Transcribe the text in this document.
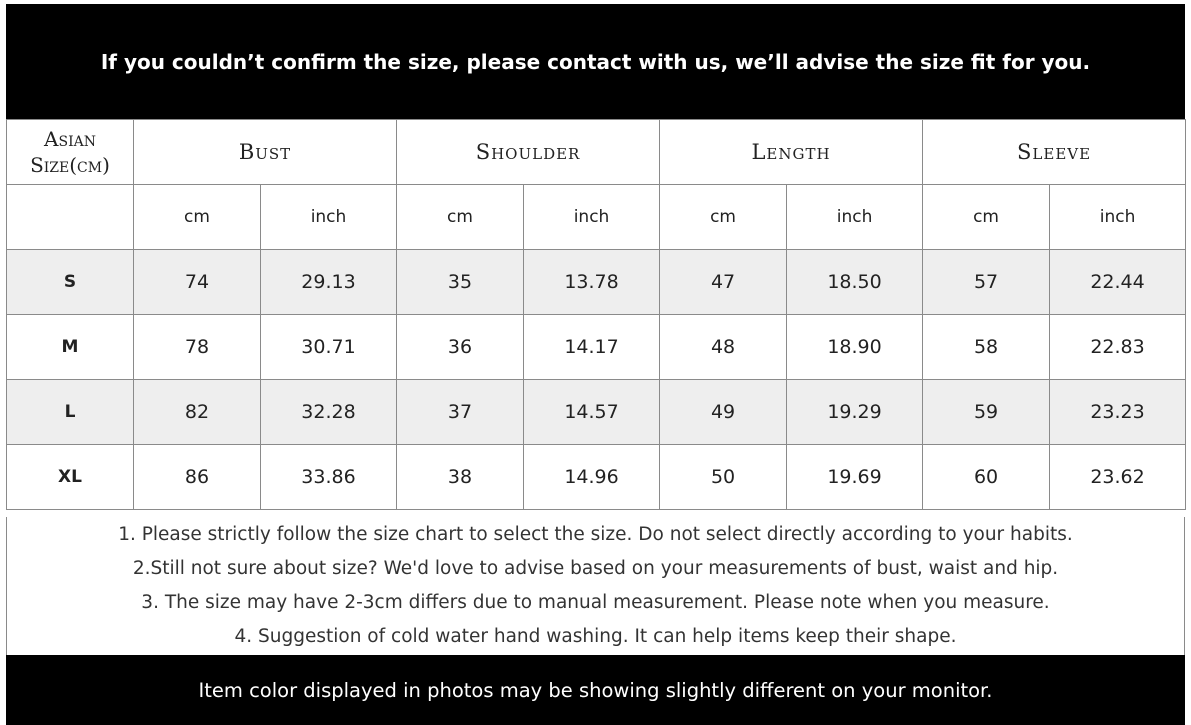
If you couldn’t confirm the size, please contact with us, we’ll advise the size fit for you.
Asian Size(cm)	Bust		Shoulder		Length		Sleeve	
	cm	inch	cm	inch	cm	inch	cm	inch
S	74	29.13	35	13.78	47	18.50	57	22.44
M	78	30.71	36	14.17	48	18.90	58	22.83
L	82	32.28	37	14.57	49	19.29	59	23.23
XL	86	33.86	38	14.96	50	19.69	60	23.62
1. Please strictly follow the size chart to select the size. Do not select directly according to your habits.
2.Still not sure about size? We'd love to advise based on your measurements of bust, waist and hip.
3. The size may have 2-3cm differs due to manual measurement. Please note when you measure.
4. Suggestion of cold water hand washing. It can help items keep their shape.
Item color displayed in photos may be showing slightly different on your monitor.
